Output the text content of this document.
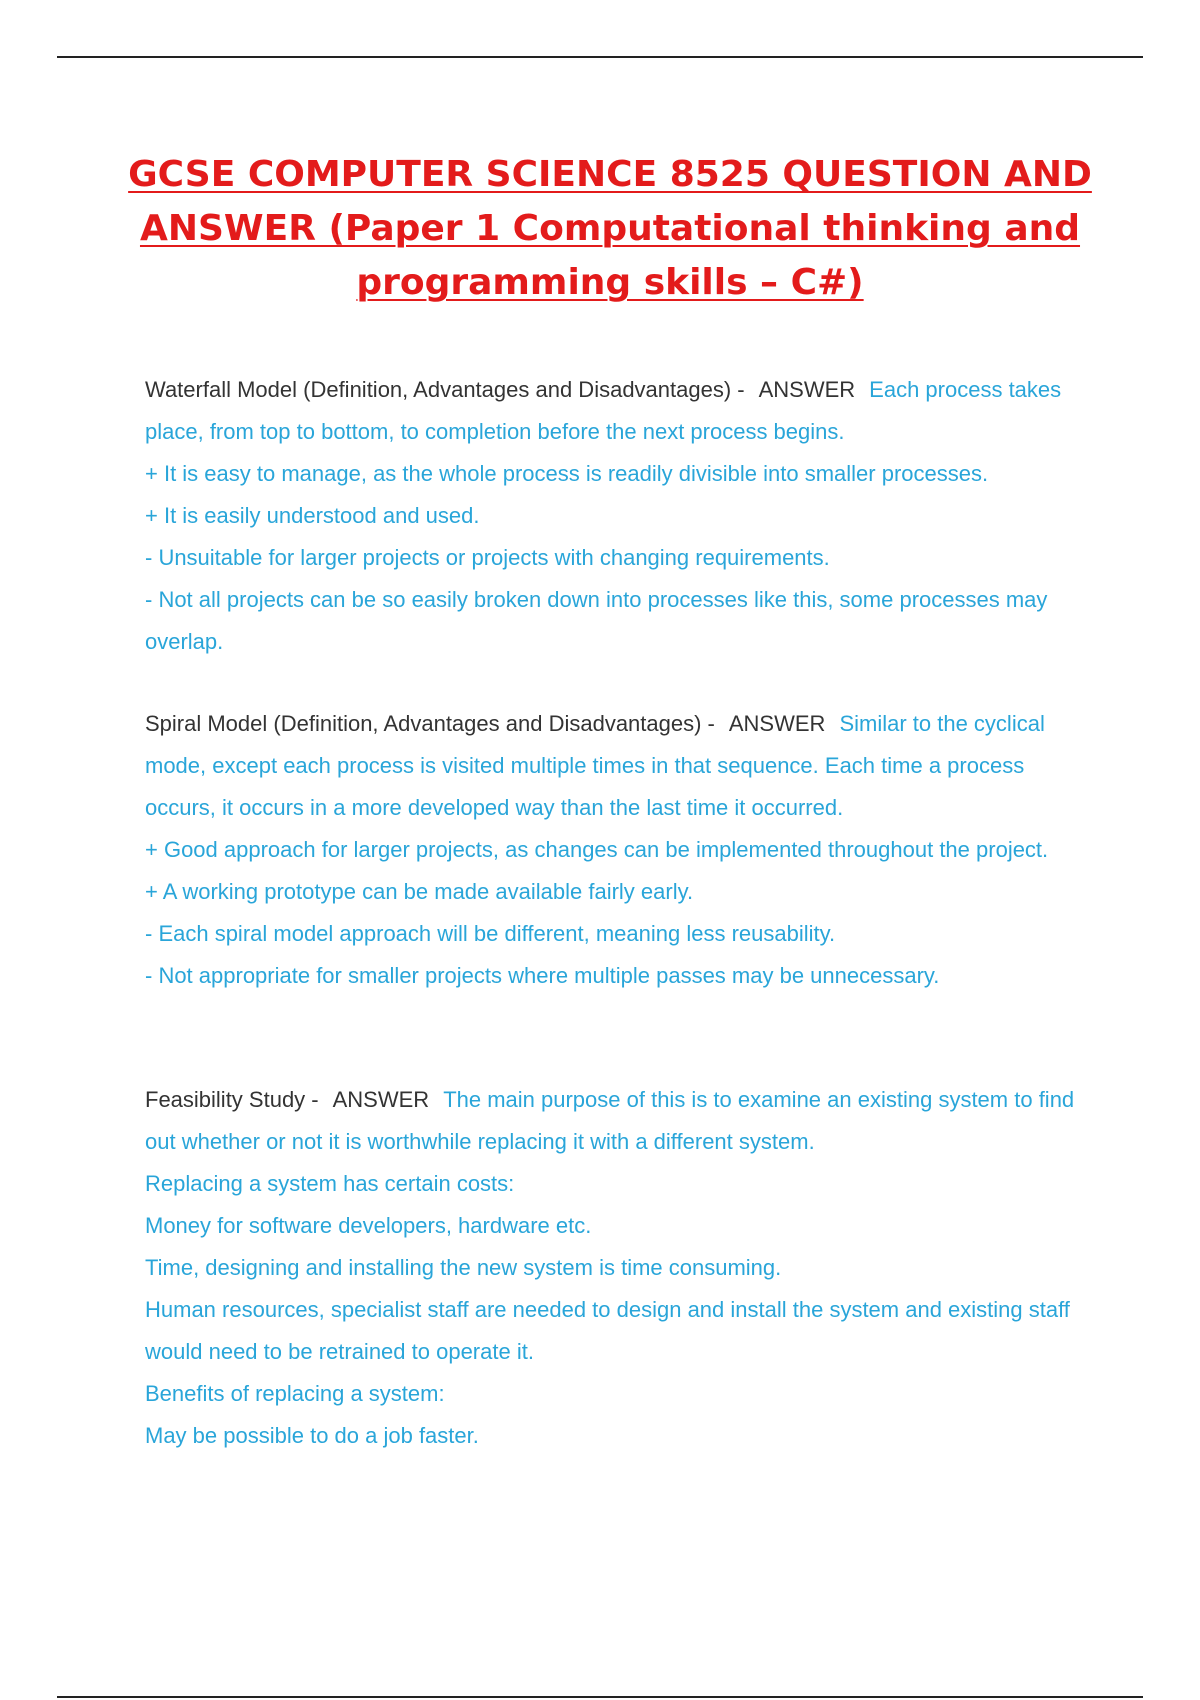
GCSE COMPUTER SCIENCE 8525 QUESTION AND ANSWER (Paper 1 Computational thinking and programming skills – C#)

Waterfall Model (Definition, Advantages and Disadvantages) - ANSWER Each process takes place, from top to bottom, to completion before the next process begins.

+ It is easy to manage, as the whole process is readily divisible into smaller processes.

+ It is easily understood and used.

- Unsuitable for larger projects or projects with changing requirements.

- Not all projects can be so easily broken down into processes like this, some processes may overlap.

Spiral Model (Definition, Advantages and Disadvantages) - ANSWER Similar to the cyclical mode, except each process is visited multiple times in that sequence. Each time a process occurs, it occurs in a more developed way than the last time it occurred.

+ Good approach for larger projects, as changes can be implemented throughout the project.

+ A working prototype can be made available fairly early.

- Each spiral model approach will be different, meaning less reusability.

- Not appropriate for smaller projects where multiple passes may be unnecessary.

Feasibility Study - ANSWER The main purpose of this is to examine an existing system to find out whether or not it is worthwhile replacing it with a different system.

Replacing a system has certain costs:

Money for software developers, hardware etc.

Time, designing and installing the new system is time consuming.

Human resources, specialist staff are needed to design and install the system and existing staff would need to be retrained to operate it.

Benefits of replacing a system:

May be possible to do a job faster.
